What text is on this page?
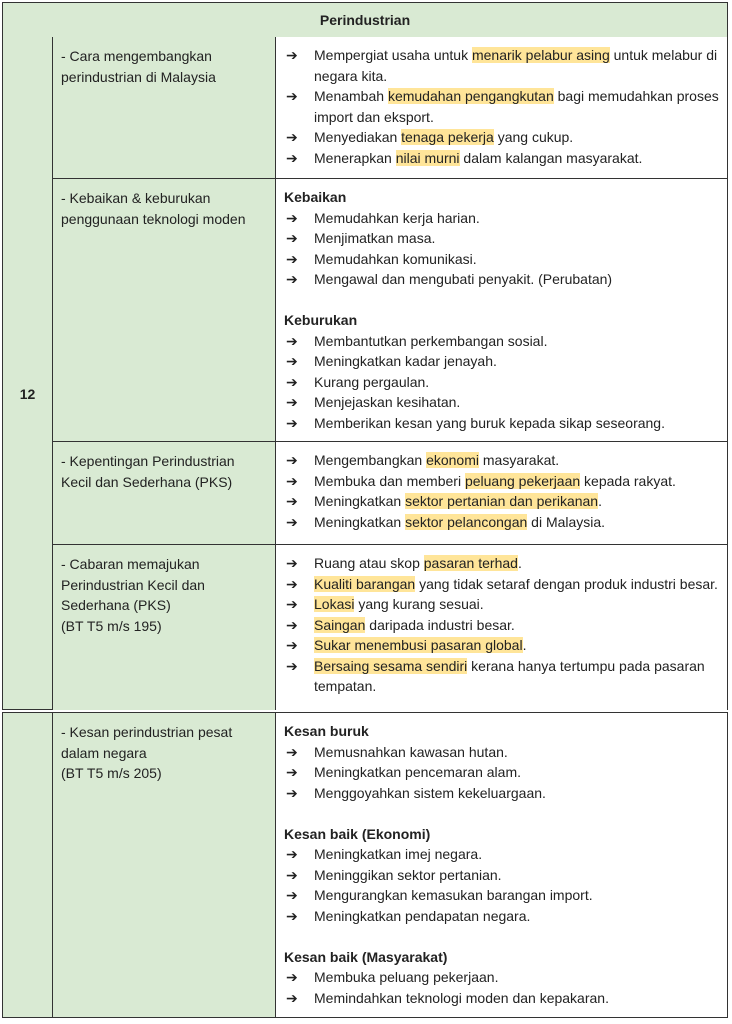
Perindustrian
12
- Cara mengembangkan
perindustrian di Malaysia
➔ Mempergiat usaha untuk menarik pelabur asing untuk melabur di negara kita.
➔ Menambah kemudahan pengangkutan bagi memudahkan proses import dan eksport.
➔ Menyediakan tenaga pekerja yang cukup.
➔ Menerapkan nilai murni dalam kalangan masyarakat.
- Kebaikan & keburukan
penggunaan teknologi moden
Kebaikan
➔ Memudahkan kerja harian.
➔ Menjimatkan masa.
➔ Memudahkan komunikasi.
➔ Mengawal dan mengubati penyakit. (Perubatan)
Keburukan
➔ Membantutkan perkembangan sosial.
➔ Meningkatkan kadar jenayah.
➔ Kurang pergaulan.
➔ Menjejaskan kesihatan.
➔ Memberikan kesan yang buruk kepada sikap seseorang.
- Kepentingan Perindustrian
Kecil dan Sederhana (PKS)
➔ Mengembangkan ekonomi masyarakat.
➔ Membuka dan memberi peluang pekerjaan kepada rakyat.
➔ Meningkatkan sektor pertanian dan perikanan.
➔ Meningkatkan sektor pelancongan di Malaysia.
- Cabaran memajukan
Perindustrian Kecil dan
Sederhana (PKS)
(BT T5 m/s 195)
➔ Ruang atau skop pasaran terhad.
➔ Kualiti barangan yang tidak setaraf dengan produk industri besar.
➔ Lokasi yang kurang sesuai.
➔ Saingan daripada industri besar.
➔ Sukar menembusi pasaran global.
➔ Bersaing sesama sendiri kerana hanya tertumpu pada pasaran tempatan.
- Kesan perindustrian pesat
dalam negara
(BT T5 m/s 205)
Kesan buruk
➔ Memusnahkan kawasan hutan.
➔ Meningkatkan pencemaran alam.
➔ Menggoyahkan sistem kekeluargaan.
Kesan baik (Ekonomi)
➔ Meningkatkan imej negara.
➔ Meninggikan sektor pertanian.
➔ Mengurangkan kemasukan barangan import.
➔ Meningkatkan pendapatan negara.
Kesan baik (Masyarakat)
➔ Membuka peluang pekerjaan.
➔ Memindahkan teknologi moden dan kepakaran.
